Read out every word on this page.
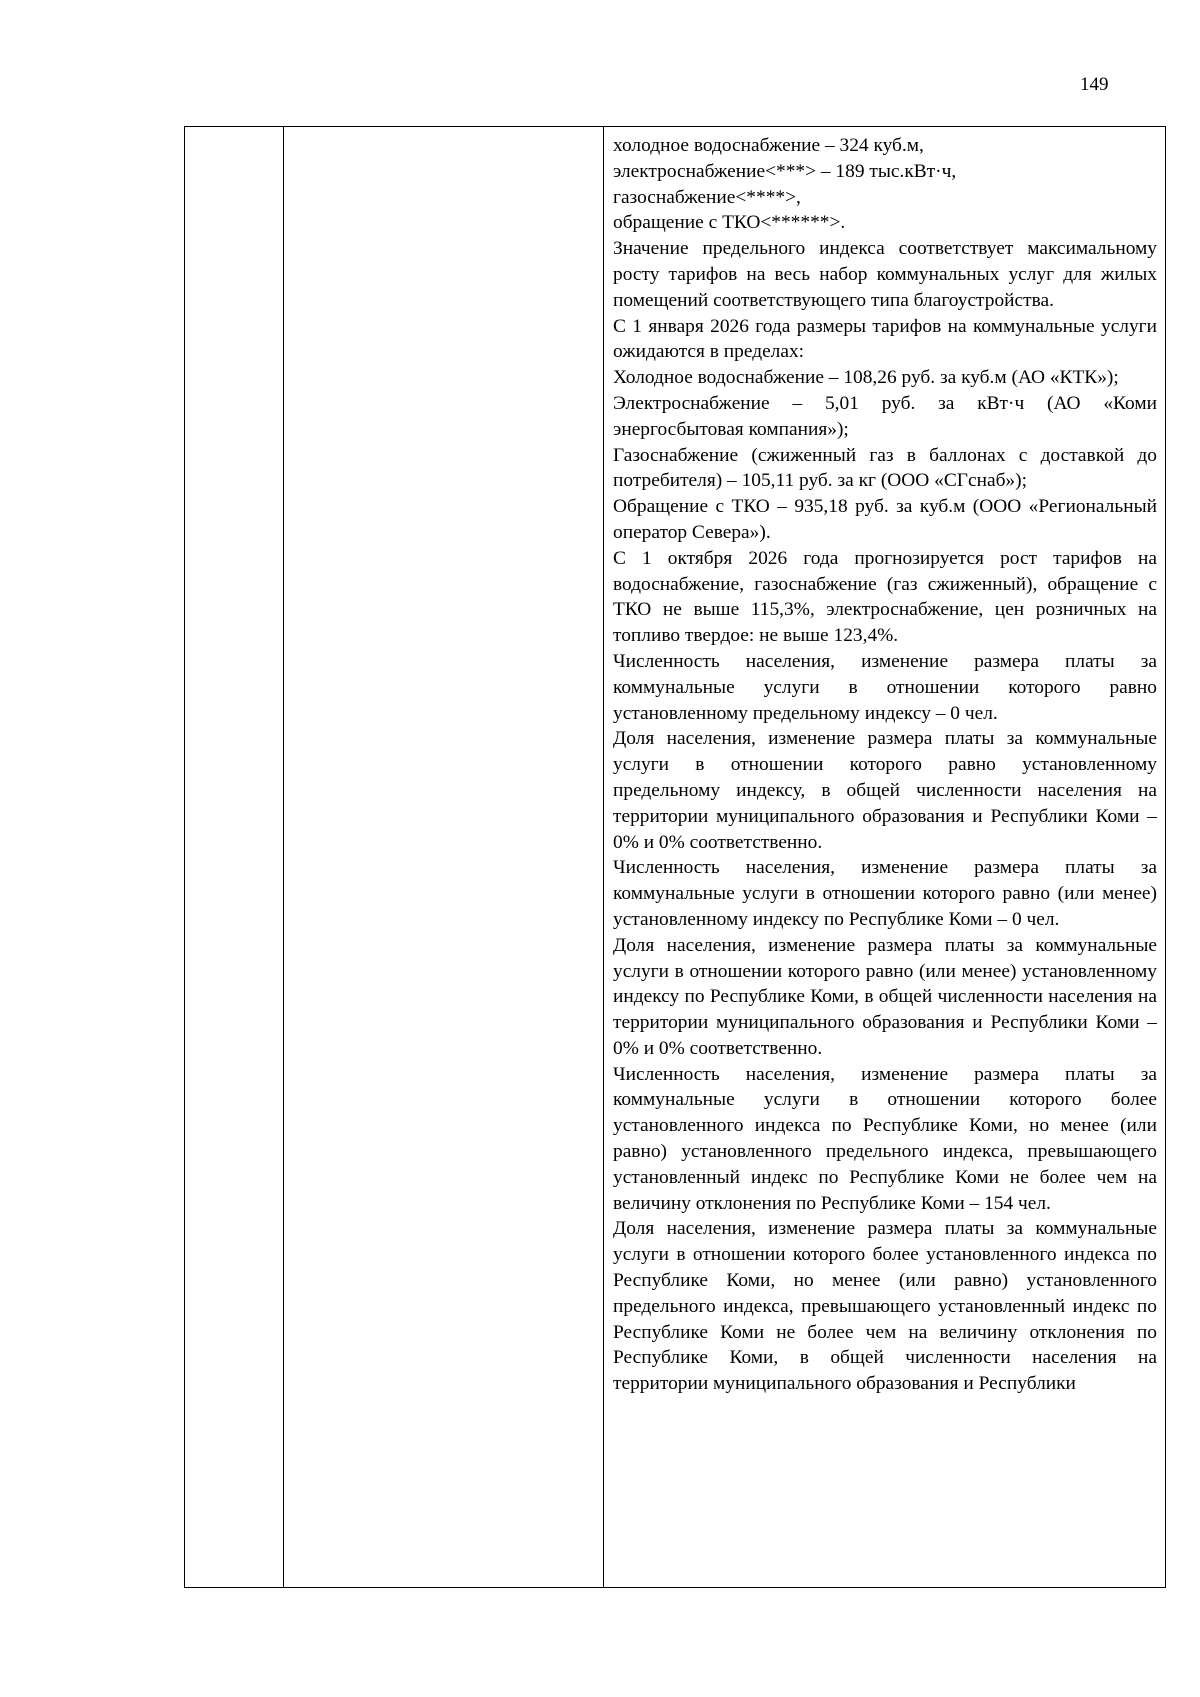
149

холодное водоснабжение – 324 куб.м,

электроснабжение<***> – 189 тыс.кВт·ч,

газоснабжение<****>,

обращение с ТКО<******>.

Значение предельного индекса соответствует максимальному росту тарифов на весь набор коммунальных услуг для жилых помещений соответствующего типа благоустройства.

С 1 января 2026 года размеры тарифов на коммунальные услуги ожидаются в пределах:

Холодное водоснабжение – 108,26 руб. за куб.м (АО «КТК»);

Электроснабжение – 5,01 руб. за кВт·ч (АО «Коми энергосбытовая компания»);

Газоснабжение (сжиженный газ в баллонах с доставкой до потребителя) – 105,11 руб. за кг (ООО «СГснаб»);

Обращение с ТКО – 935,18 руб. за куб.м (ООО «Региональный оператор Севера»).

С 1 октября 2026 года прогнозируется рост тарифов на водоснабжение, газоснабжение (газ сжиженный), обращение с ТКО не выше 115,3%, электроснабжение, цен розничных на топливо твердое: не выше 123,4%.

Численность населения, изменение размера платы за коммунальные услуги в отношении которого равно установленному предельному индексу – 0 чел.

Доля населения, изменение размера платы за коммунальные услуги в отношении которого равно установленному предельному индексу, в общей численности населения на территории муниципального образования и Республики Коми – 0% и 0% соответственно.

Численность населения, изменение размера платы за коммунальные услуги в отношении которого равно (или менее) установленному индексу по Республике Коми – 0 чел.

Доля населения, изменение размера платы за коммунальные услуги в отношении которого равно (или менее) установленному индексу по Республике Коми, в общей численности населения на территории муниципального образования и Республики Коми – 0% и 0% соответственно.

Численность населения, изменение размера платы за коммунальные услуги в отношении которого более установленного индекса по Республике Коми, но менее (или равно) установленного предельного индекса, превышающего установленный индекс по Республике Коми не более чем на величину отклонения по Республике Коми – 154 чел.

Доля населения, изменение размера платы за коммунальные услуги в отношении которого более установленного индекса по Республике Коми, но менее (или равно) установленного предельного индекса, превышающего установленный индекс по Республике Коми не более чем на величину отклонения по Республике Коми, в общей численности населения на территории муниципального образования и Республики
